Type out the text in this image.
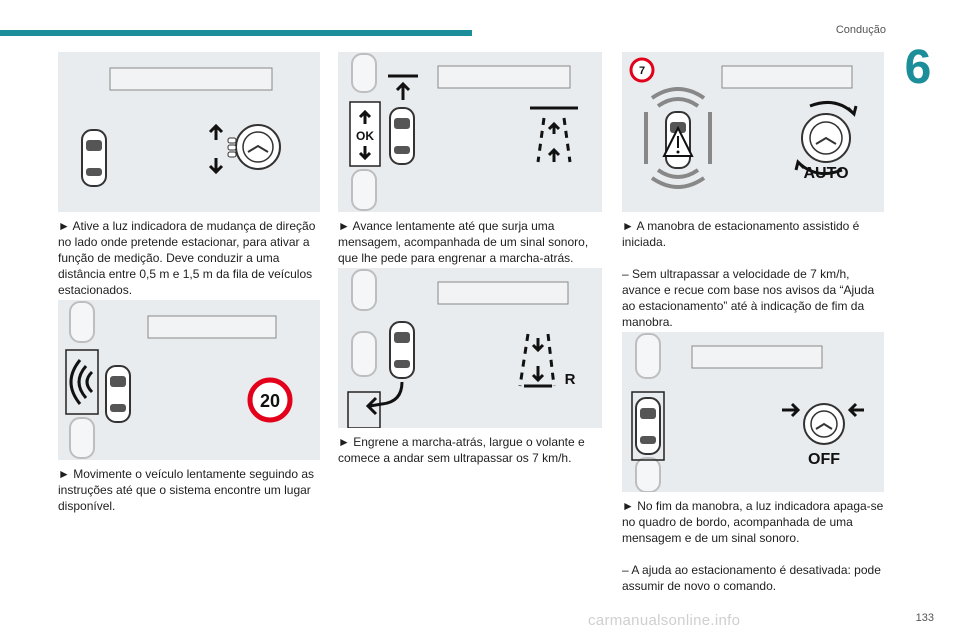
Condução
6

► Ative a luz indicadora de mudança de direção no lado onde pretende estacionar, para ativar a função de medição. Deve conduzir a uma distância entre 0,5 m e 1,5 m da fila de veículos estacionados.

20

► Movimente o veículo lentamente seguindo as instruções até que o sistema encontre um lugar disponível.

OK

► Avance lentamente até que surja uma mensagem, acompanhada de um sinal sonoro, que lhe pede para engrenar a marcha-atrás.

R

► Engrene a marcha-atrás, largue o volante e comece a andar sem ultrapassar os 7 km/h.

7
AUTO

► A manobra de estacionamento assistido é iniciada.

– Sem ultrapassar a velocidade de 7 km/h, avance e recue com base nos avisos da “Ajuda ao estacionamento” até à indicação de fim da manobra.

OFF

► No fim da manobra, a luz indicadora apaga-se no quadro de bordo, acompanhada de uma mensagem e de um sinal sonoro.

– A ajuda ao estacionamento é desativada: pode assumir de novo o comando.

carmanualsonline.info	133
